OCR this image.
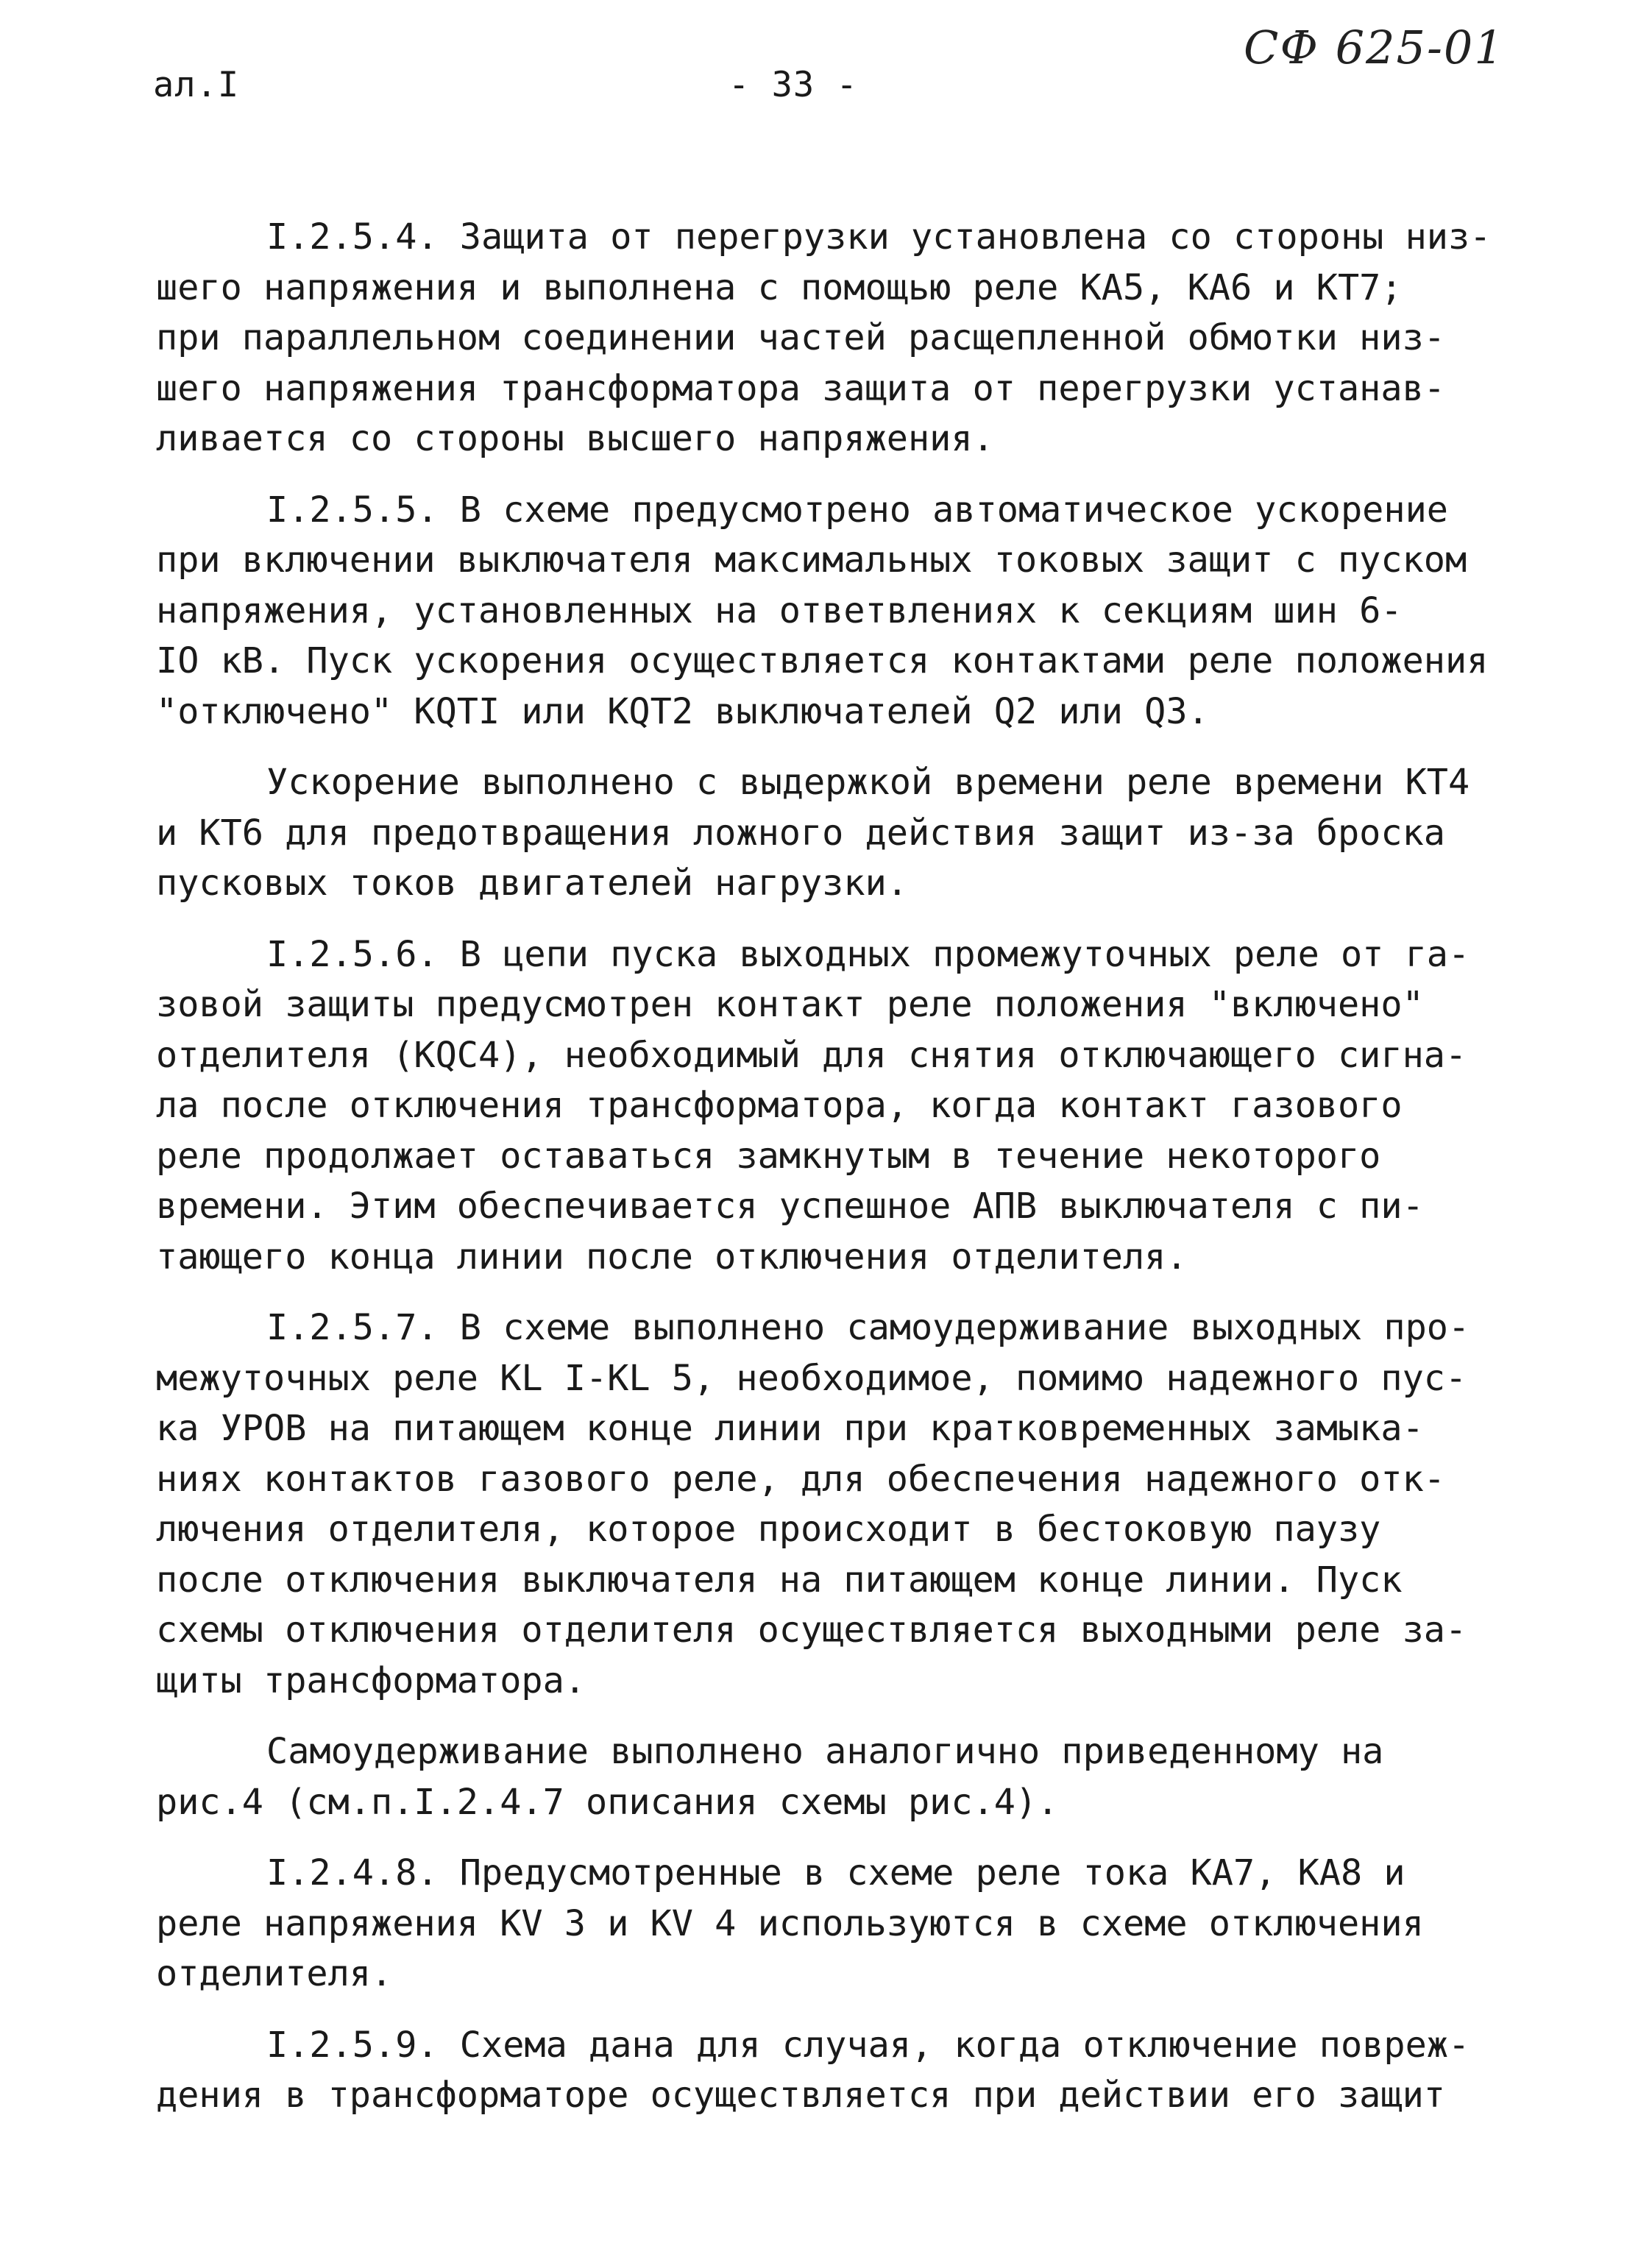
ал.I	- 33 -
СФ 625-01
I.2.5.4. Защита от перегрузки установлена со стороны низ-
шего напряжения и выполнена с помощью реле КА5, КА6 и КТ7;
при параллельном соединении частей расщепленной обмотки низ-
шего напряжения трансформатора защита от перегрузки устанав-
ливается со стороны высшего напряжения.
I.2.5.5. В схеме предусмотрено автоматическое ускорение
при включении выключателя максимальных токовых защит с пуском
напряжения, установленных на ответвлениях к секциям шин 6-
IO кВ. Пуск ускорения осуществляется контактами реле положения
"отключено" KQTI или KQT2 выключателей Q2 или Q3.
Ускорение выполнено с выдержкой времени реле времени КТ4
и КТ6 для предотвращения ложного действия защит из-за броска
пусковых токов двигателей нагрузки.
I.2.5.6. В цепи пуска выходных промежуточных реле от га-
зовой защиты предусмотрен контакт реле положения "включено"
отделителя (KQC4), необходимый для снятия отключающего сигна-
ла после отключения трансформатора, когда контакт газового
реле продолжает оставаться замкнутым в течение некоторого
времени. Этим обеспечивается успешное АПВ выключателя с пи-
тающего конца линии после отключения отделителя.
I.2.5.7. В схеме выполнено самоудерживание выходных про-
межуточных реле KL I-KL 5, необходимое, помимо надежного пус-
ка УРОВ на питающем конце линии при кратковременных замыка-
ниях контактов газового реле, для обеспечения надежного отк-
лючения отделителя, которое происходит в бестоковую паузу
после отключения выключателя на питающем конце линии. Пуск
схемы отключения отделителя осуществляется выходными реле за-
щиты трансформатора.
Самоудерживание выполнено аналогично приведенному на
рис.4 (см.п.I.2.4.7 описания схемы рис.4).
I.2.4.8. Предусмотренные в схеме реле тока КА7, КА8 и
реле напряжения KV 3 и KV 4 используются в схеме отключения
отделителя.
I.2.5.9. Схема дана для случая, когда отключение повреж-
дения в трансформаторе осуществляется при действии его защит
